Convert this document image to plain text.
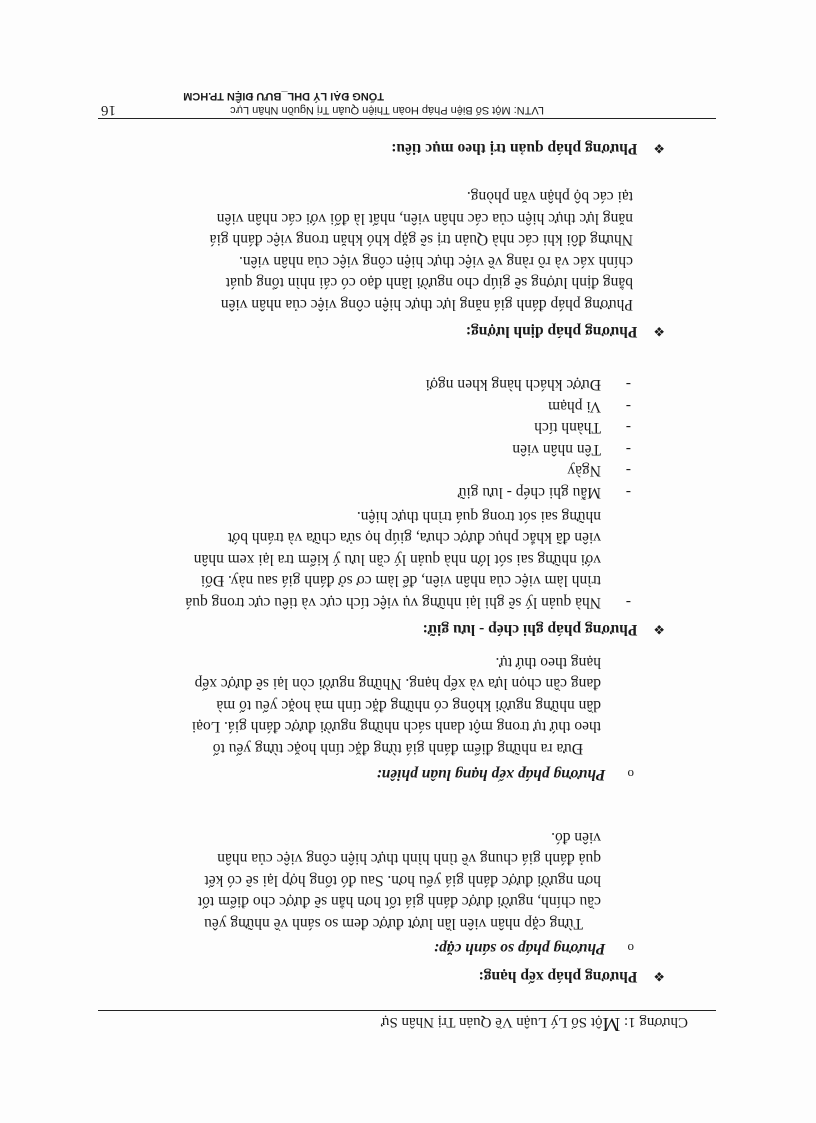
Chương 1: Một Số Lý Luận Về Quản Trị Nhân Sự
❖ Phương pháp xếp hạng:
o Phương pháp so sánh cặp:
Từng cặp nhân viên lần lượt được đem so sánh về những yêu
cầu chính, người được đánh giá tốt hơn hẳn sẽ được cho điểm tốt
hơn người được đánh giá yếu hơn. Sau đó tổng hợp lại sẽ có kết
quả đánh giá chung về tình hình thực hiện công việc của nhân
viên đó.
o Phương pháp xếp hạng luân phiên:
Đưa ra những điểm đánh giá từng đặc tính hoặc từng yếu tố
theo thứ tự trong một danh sách những người được đánh giá. Loại
dần những người không có những đặc tính mà hoặc yếu tố mà
đang cần chọn lựa và xếp hạng. Những người còn lại sẽ được xếp
hạng theo thứ tự.
❖ Phương pháp ghi chép - lưu giữ:
-
Nhà quản lý sẽ ghi lại những vụ việc tích cực và tiêu cực trong quá
trình làm việc của nhân viên, để làm cơ sở đánh giá sau này. Đối
với những sai sót lớn nhà quản lý cần lưu ý kiểm tra lại xem nhân
viên đã khắc phục được chưa, giúp họ sửa chữa và tránh bớt
những sai sót trong quá trình thực hiện.
-Mẫu ghi chép - lưu giữ
-Ngày
-Tên nhân viên
-Thành tích
-Vi phạm
-Được khách hàng khen ngợi
❖ Phương pháp định lượng:
Phương pháp đánh giá năng lực thực hiện công việc của nhân viên
bằng định lượng sẽ giúp cho người lãnh đạo có cái nhìn tổng quát
chính xác và rõ ràng về việc thực hiện công việc của nhân viên.
Nhưng đôi khi các nhà Quản trị sẽ gặp khó khăn trong việc đánh giá
năng lực thực hiện của các nhân viên, nhất là đối với các nhân viên
tại các bộ phận văn phòng.
❖ Phương pháp quản trị theo mục tiêu:
LVTN: Một Số Biện Pháp Hoàn Thiện Quản Trị Nguồn Nhân Lực
16
TỔNG ĐẠI LÝ DHL_BƯU ĐIỆN TP.HCM
